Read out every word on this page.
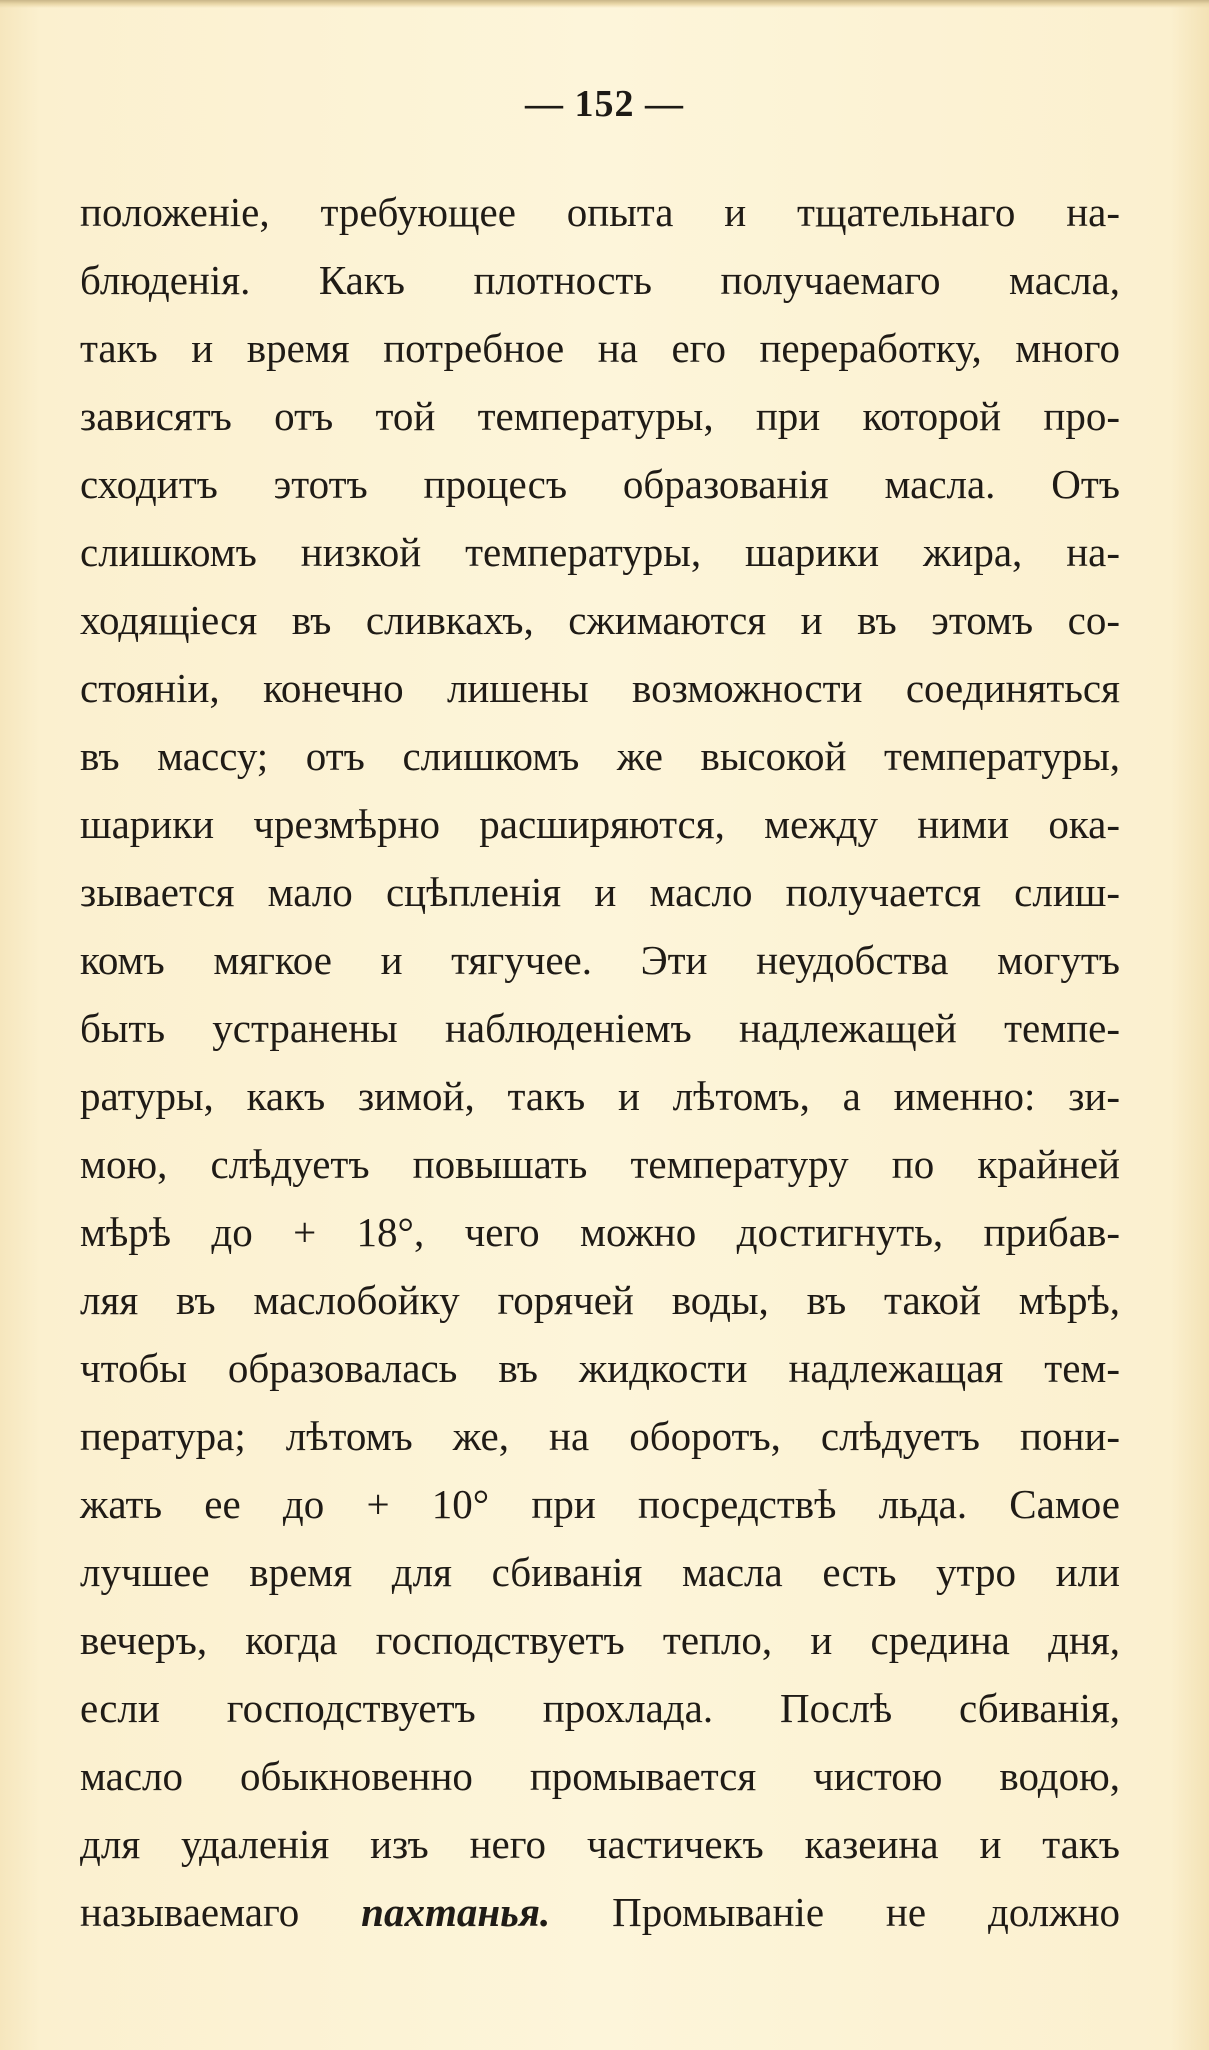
— 152 —
положеніе, требующее опыта и тщательнаго на-
блюденія. Какъ плотность получаемаго масла,
такъ и время потребное на его переработку, много
зависятъ отъ той температуры, при которой про-
сходитъ этотъ процесъ образованія масла. Отъ
слишкомъ низкой температуры, шарики жира, на-
ходящіеся въ сливкахъ, сжимаются и въ этомъ со-
стояніи, конечно лишены возможности соединяться
въ массу; отъ слишкомъ же высокой температуры,
шарики чрезмѣрно расширяются, между ними ока-
зывается мало сцѣпленія и масло получается слиш-
комъ мягкое и тягучее. Эти неудобства могутъ
быть устранены наблюденіемъ надлежащей темпе-
ратуры, какъ зимой, такъ и лѣтомъ, а именно: зи-
мою, слѣдуетъ повышать температуру по крайней
мѣрѣ до + 18°, чего можно достигнуть, прибав-
ляя въ маслобойку горячей воды, въ такой мѣрѣ,
чтобы образовалась въ жидкости надлежащая тем-
пература; лѣтомъ же, на оборотъ, слѣдуетъ пони-
жать ее до + 10° при посредствѣ льда. Самое
лучшее время для сбиванія масла есть утро или
вечеръ, когда господствуетъ тепло, и средина дня,
если господствуетъ прохлада. Послѣ сбиванія,
масло обыкновенно промывается чистою водою,
для удаленія изъ него частичекъ казеина и такъ
называемаго пахтанья. Промываніе не должно
